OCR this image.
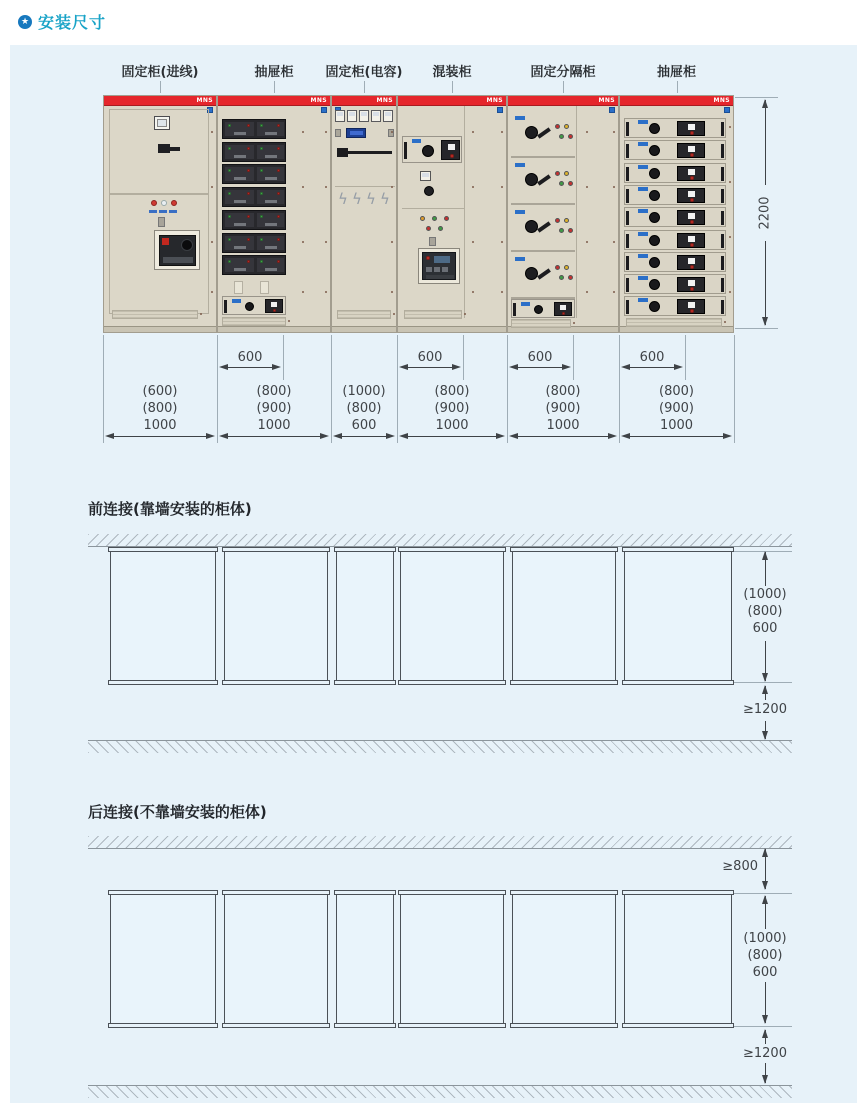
★ 安装尺寸
固定柜(进线)
MNS
(600)
(800)
1000
抽屉柜
MNS
600
(800)
(900)
1000
固定柜(电容)
MNS
ϟ ϟ ϟ ϟ
(1000)
(800)
600
混装柜
MNS
600
(800)
(900)
1000
固定分隔柜
MNS
600
(800)
(900)
1000
抽屉柜
MNS
600
(800)
(900)
1000
2200
前连接(靠墙安装的柜体)
(1000)
(800)
600
≥1200
后连接(不靠墙安装的柜体)
≥800
(1000)
(800)
600
≥1200
